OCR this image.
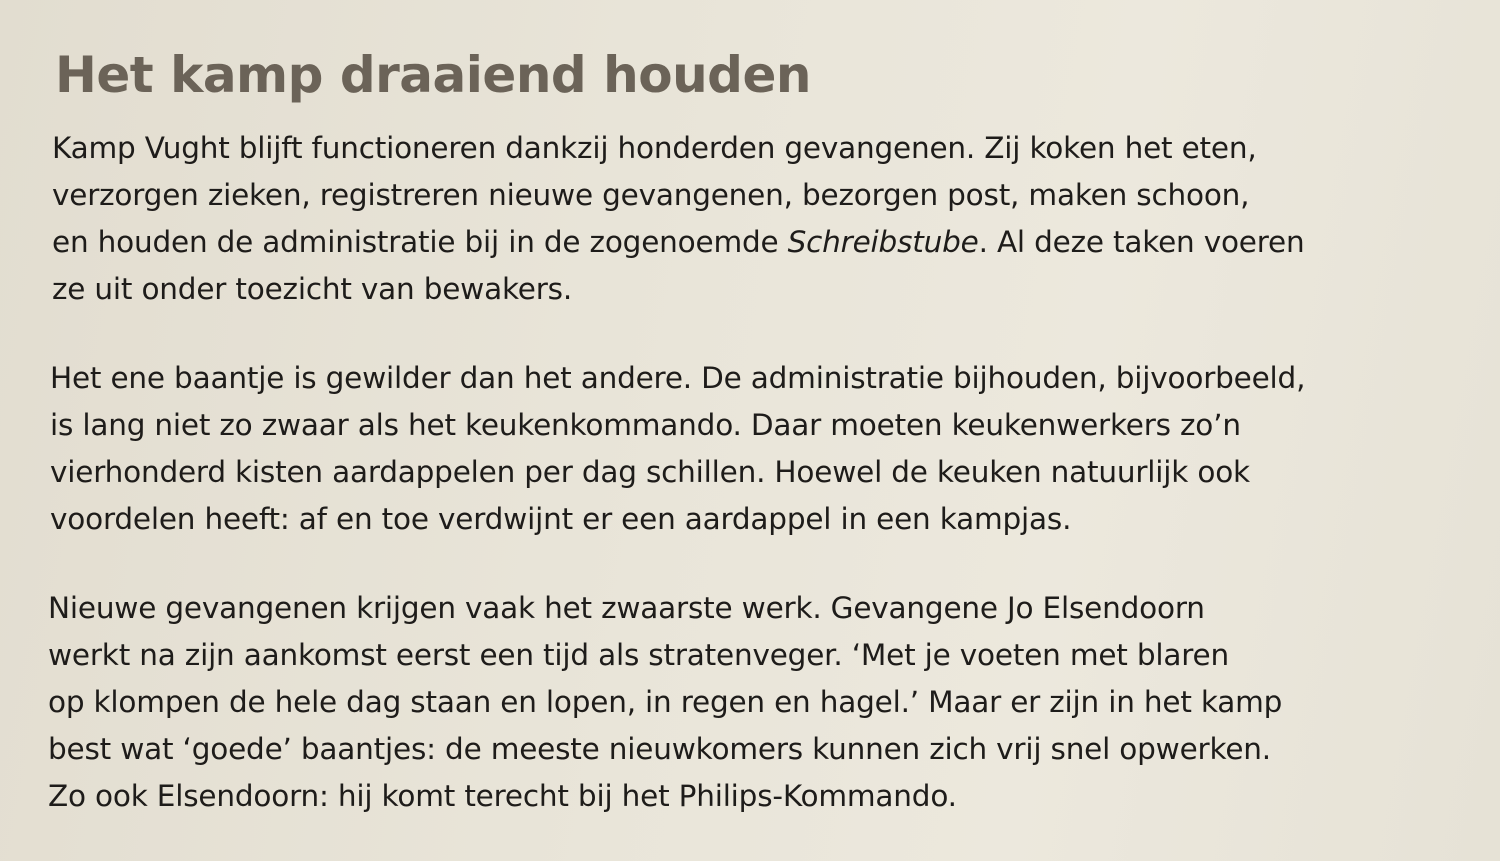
Het kamp draaiend houden
Kamp Vught blijft functioneren dankzij honderden gevangenen. Zij koken het eten,
verzorgen zieken, registreren nieuwe gevangenen, bezorgen post, maken schoon,
en houden de administratie bij in de zogenoemde Schreibstube. Al deze taken voeren
ze uit onder toezicht van bewakers.
Het ene baantje is gewilder dan het andere. De administratie bijhouden, bijvoorbeeld,
is lang niet zo zwaar als het keukenkommando. Daar moeten keukenwerkers zo’n
vierhonderd kisten aardappelen per dag schillen. Hoewel de keuken natuurlijk ook
voordelen heeft: af en toe verdwijnt er een aardappel in een kampjas.
Nieuwe gevangenen krijgen vaak het zwaarste werk. Gevangene Jo Elsendoorn
werkt na zijn aankomst eerst een tijd als stratenveger. ‘Met je voeten met blaren
op klompen de hele dag staan en lopen, in regen en hagel.’ Maar er zijn in het kamp
best wat ‘goede’ baantjes: de meeste nieuwkomers kunnen zich vrij snel opwerken.
Zo ook Elsendoorn: hij komt terecht bij het Philips-Kommando.
